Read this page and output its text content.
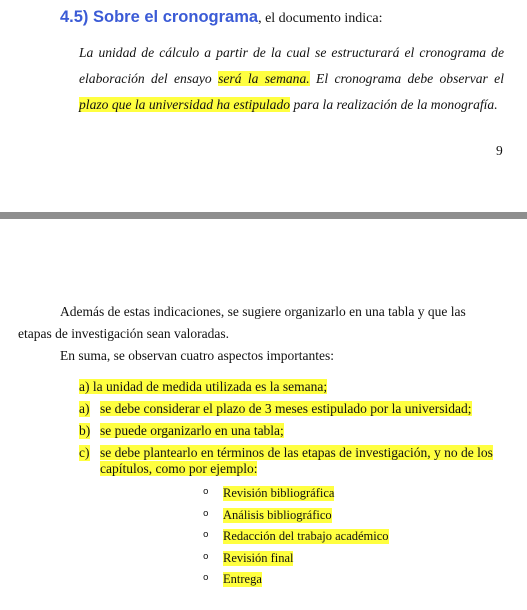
4.5) Sobre el cronograma, el documento indica:
La unidad de cálculo a partir de la cual se estructurará el cronograma de
elaboración del ensayo será la semana. El cronograma debe observar el
plazo que la universidad ha estipulado para la realización de la monografía.
9
Además de estas indicaciones, se sugiere organizarlo en una tabla y que las
etapas de investigación sean valoradas.
En suma, se observan cuatro aspectos importantes:
a) la unidad de medida utilizada es la semana;
a) se debe considerar el plazo de 3 meses estipulado por la universidad;
b) se puede organizarlo en una tabla;
c) se debe plantearlo en términos de las etapas de investigación, y no de los capítulos, como por ejemplo:
o Revisión bibliográfica
o Análisis bibliográfico
o Redacción del trabajo académico
o Revisión final
o Entrega
